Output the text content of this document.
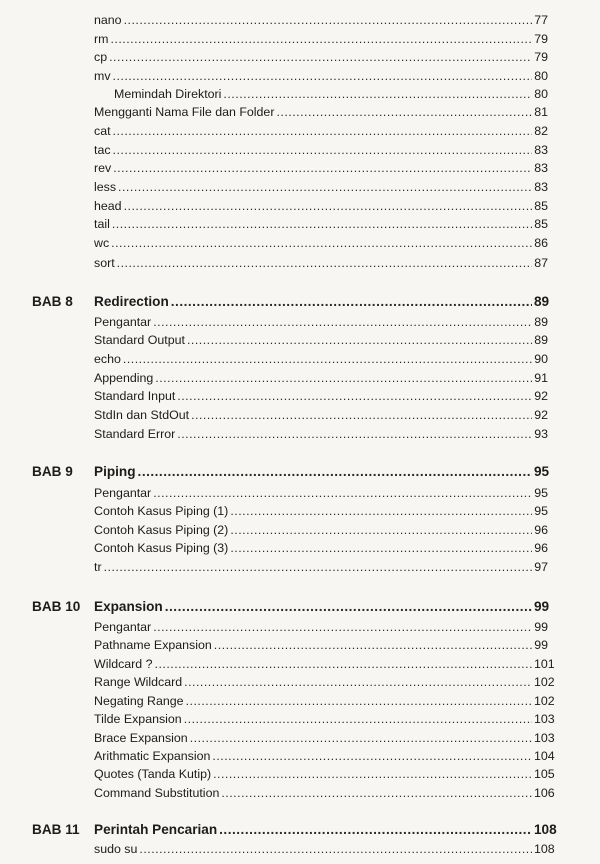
nano .....	77
rm .....	79
cp .....	79
mv .....	80
Memindah Direktori .....	80
Mengganti Nama File dan Folder .....	81
cat .....	82
tac .....	83
rev .....	83
less .....	83
head .....	85
tail .....	85
wc .....	86
sort .....	87
BAB 8 Redirection .....	89
Pengantar .....	89
Standard Output .....	89
echo .....	90
Appending .....	91
Standard Input .....	92
StdIn dan StdOut .....	92
Standard Error .....	93
BAB 9 Piping .....	95
Pengantar .....	95
Contoh Kasus Piping (1) .....	95
Contoh Kasus Piping (2) .....	96
Contoh Kasus Piping (3) .....	96
tr .....	97
BAB 10 Expansion .....	99
Pengantar .....	99
Pathname Expansion .....	99
Wildcard ? .....	101
Range Wildcard .....	102
Negating Range .....	102
Tilde Expansion .....	103
Brace Expansion .....	103
Arithmatic Expansion .....	104
Quotes (Tanda Kutip) .....	105
Command Substitution .....	106
BAB 11 Perintah Pencarian .....	108
sudo su .....	108
